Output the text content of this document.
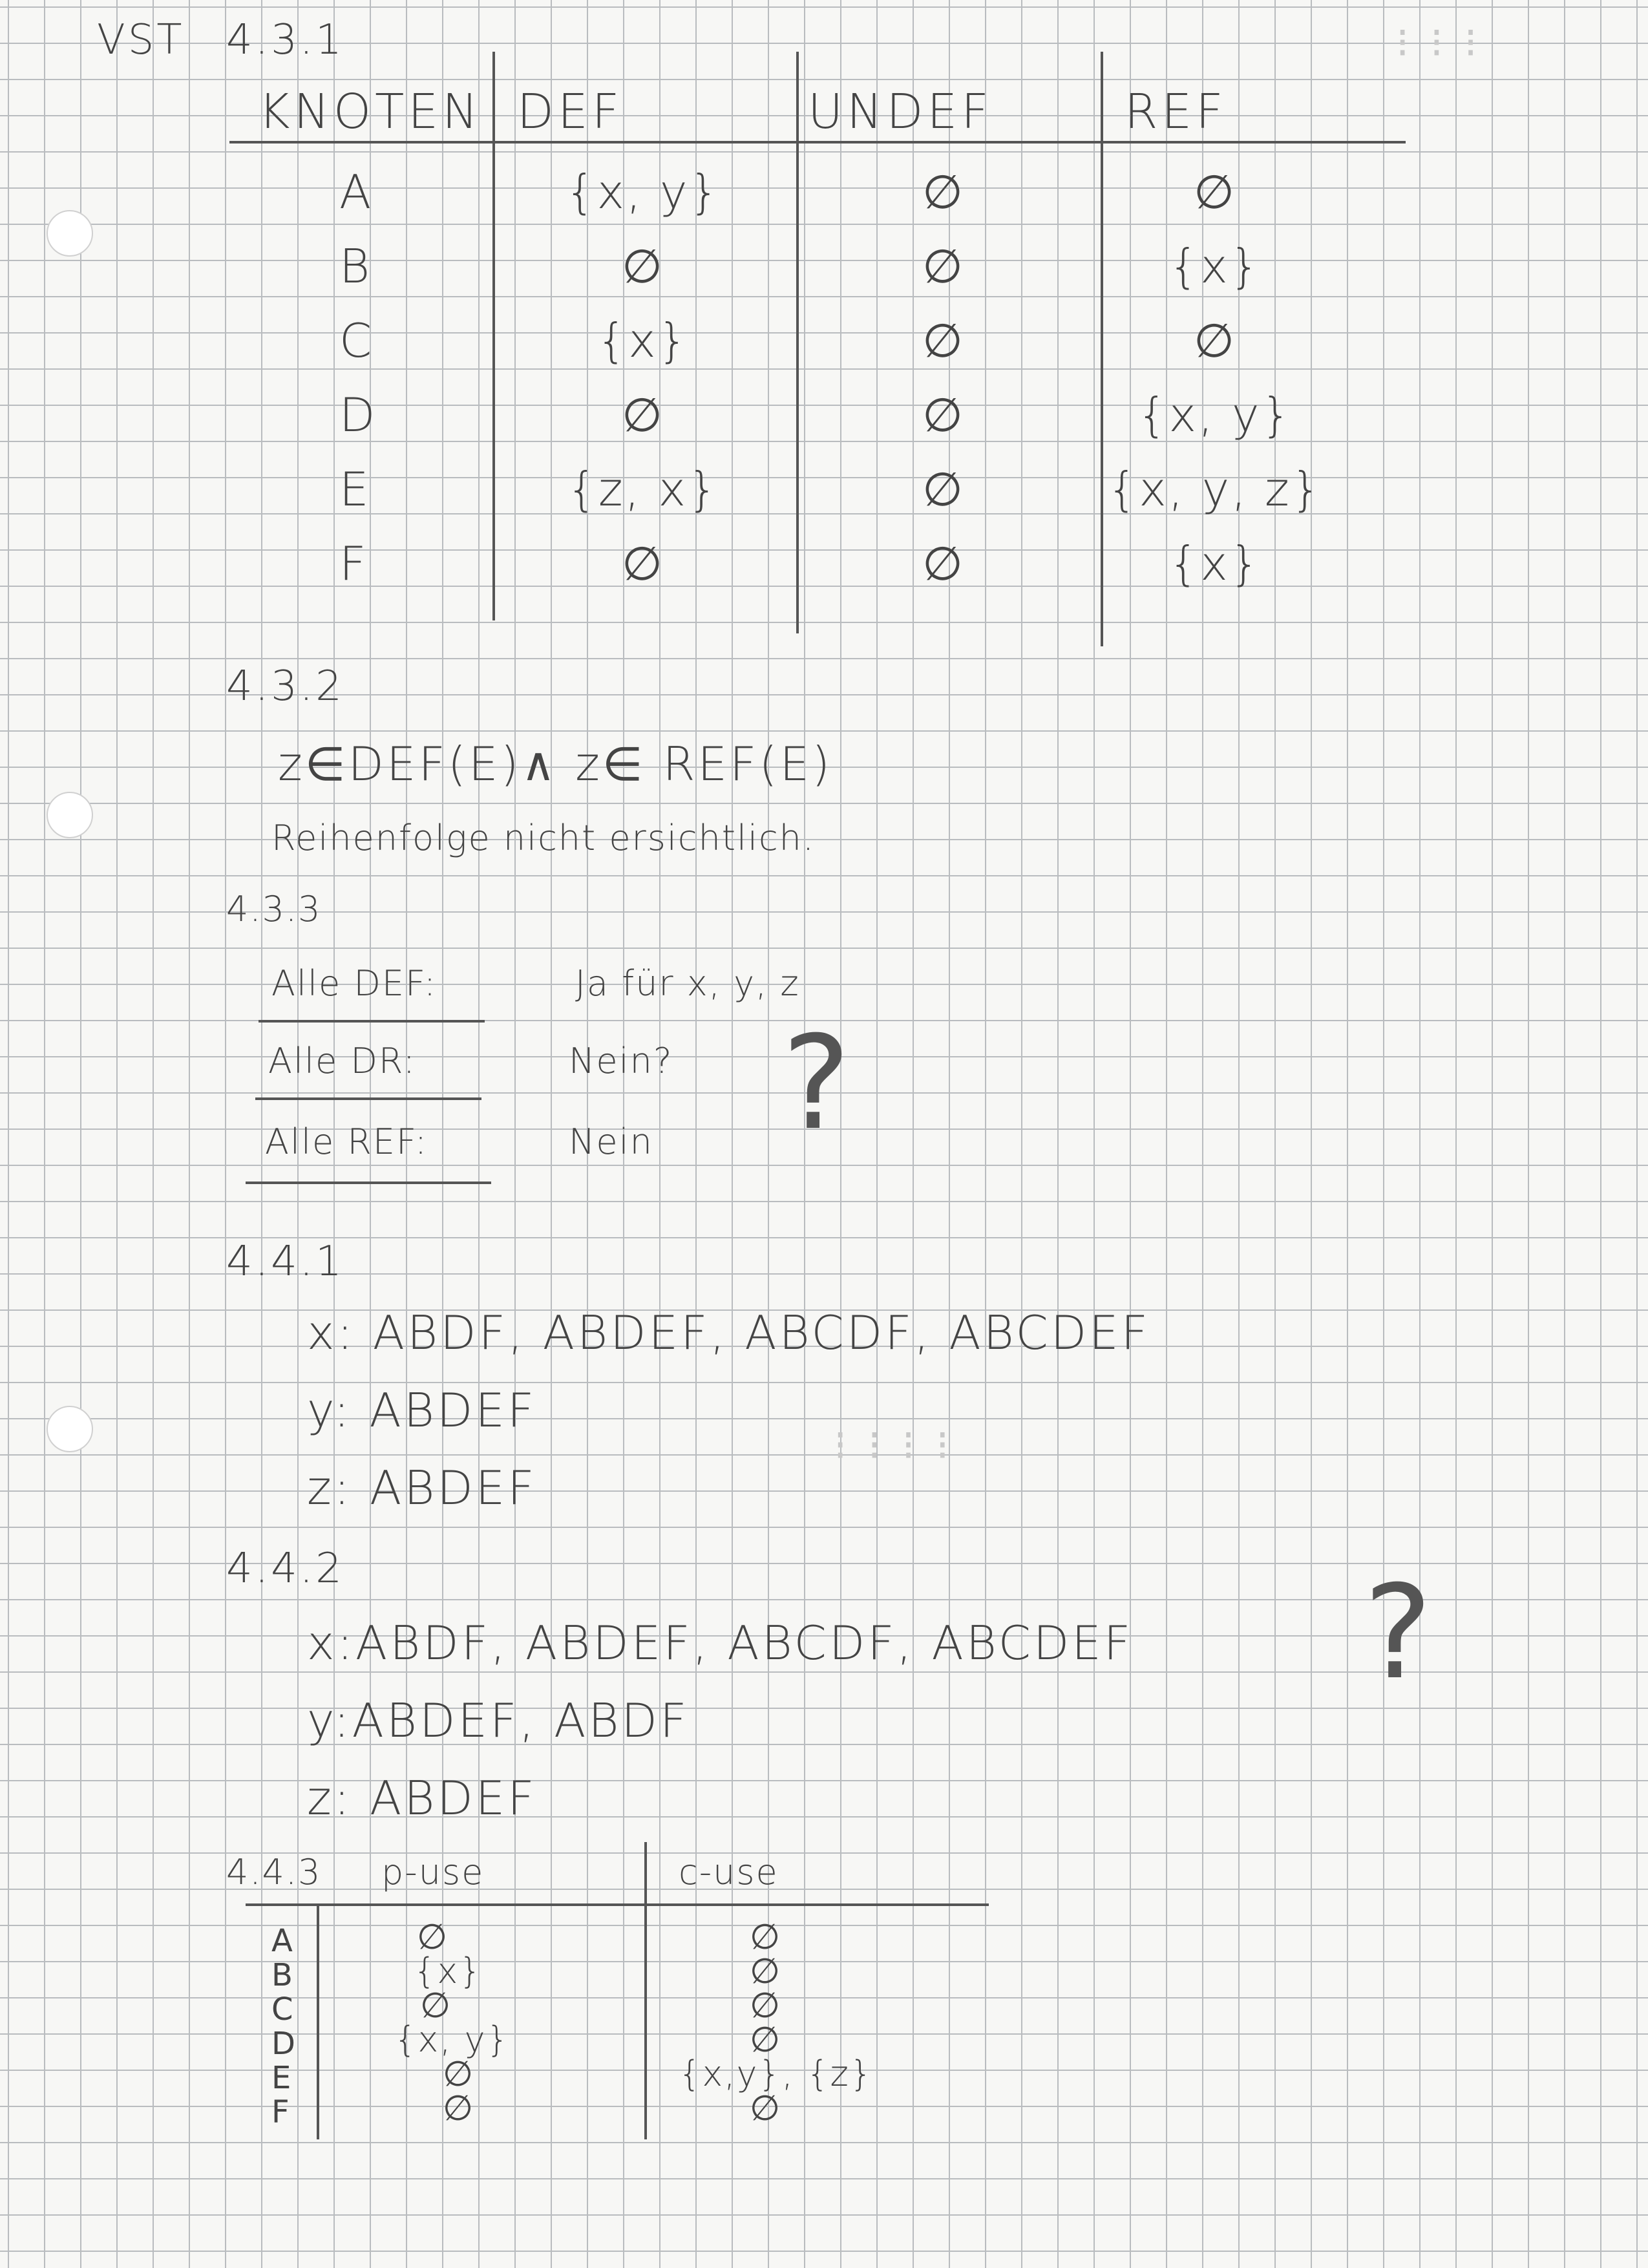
⁝ ⁝ ⁝
⁝ ⁝ ⁝ ⁝
VST 4.3.1
KNOTEN DEF	UNDEF	REF
A	{x, y}	∅	∅
B	∅	∅	{x}
C	{x}	∅	∅
D	∅	∅	{x, y}
E	{z, x}	∅	{x, y, z}
F	∅	∅	{x}
4.3.2
z∈DEF(E)∧ z∈ REF(E)
Reihenfolge nicht ersichtlich.
4.3.3
Alle DEF:	Ja für x, y, z
Alle DR:	Nein?
Alle REF:	Nein ?
4.4.1
x: ABDF, ABDEF, ABCDF, ABCDEF
y: ABDEF
z: ABDEF
4.4.2
x:ABDF, ABDEF, ABCDF, ABCDEF
y:ABDEF, ABDF
z: ABDEF
?
4.4.3 p-use	c-use
A	∅	∅
B	{x}	∅
C	∅	∅
D	{x, y}	∅
E	∅	{x,y}, {z}
F	∅	∅
